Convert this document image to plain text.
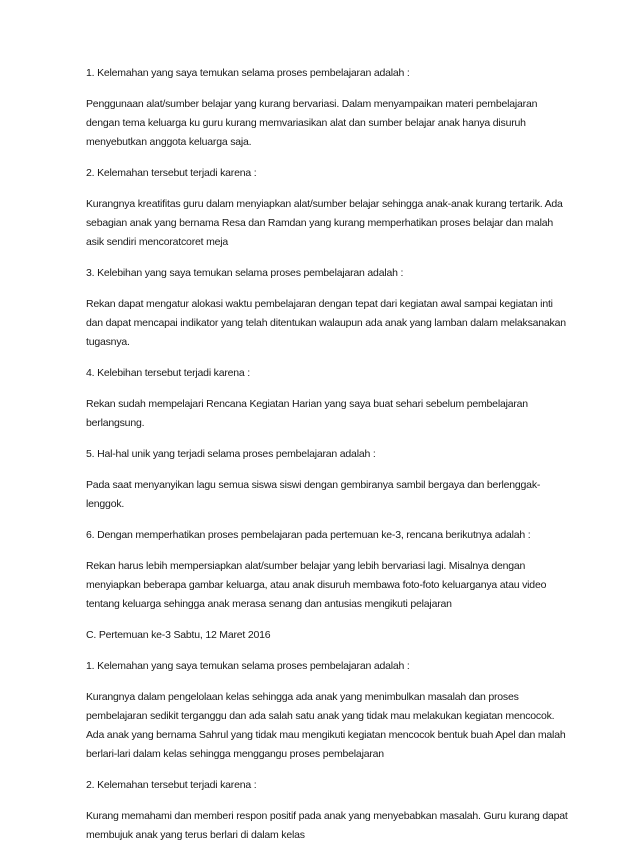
1. Kelemahan yang saya temukan selama proses pembelajaran adalah :

Penggunaan alat/sumber belajar yang kurang bervariasi. Dalam menyampaikan materi pembelajaran dengan tema keluarga ku guru kurang memvariasikan alat dan sumber belajar anak hanya disuruh menyebutkan anggota keluarga saja.

2. Kelemahan tersebut terjadi karena :

Kurangnya kreatifitas guru dalam menyiapkan alat/sumber belajar sehingga anak-anak kurang tertarik. Ada sebagian anak yang bernama Resa dan Ramdan yang kurang memperhatikan proses belajar dan malah asik sendiri mencoratcoret meja

3. Kelebihan yang saya temukan selama proses pembelajaran adalah :

Rekan dapat mengatur alokasi waktu pembelajaran dengan tepat dari kegiatan awal sampai kegiatan inti dan dapat mencapai indikator yang telah ditentukan walaupun ada anak yang lamban dalam melaksanakan tugasnya.

4. Kelebihan tersebut terjadi karena :

Rekan sudah mempelajari Rencana Kegiatan Harian yang saya buat sehari sebelum pembelajaran berlangsung.

5. Hal-hal unik yang terjadi selama proses pembelajaran adalah :

Pada saat menyanyikan lagu semua siswa siswi dengan gembiranya sambil bergaya dan berlenggak-lenggok.

6. Dengan memperhatikan proses pembelajaran pada pertemuan ke-3, rencana berikutnya adalah :

Rekan harus lebih mempersiapkan alat/sumber belajar yang lebih bervariasi lagi. Misalnya dengan menyiapkan beberapa gambar keluarga, atau anak disuruh membawa foto-foto keluarganya atau video tentang keluarga sehingga anak merasa senang dan antusias mengikuti pelajaran

C. Pertemuan ke-3 Sabtu, 12 Maret 2016

1. Kelemahan yang saya temukan selama proses pembelajaran adalah :

Kurangnya dalam pengelolaan kelas sehingga ada anak yang menimbulkan masalah dan proses pembelajaran sedikit terganggu dan ada salah satu anak yang tidak mau melakukan kegiatan mencocok. Ada anak yang bernama Sahrul yang tidak mau mengikuti kegiatan mencocok bentuk buah Apel dan malah berlari-lari dalam kelas sehingga menggangu proses pembelajaran

2. Kelemahan tersebut terjadi karena :

Kurang memahami dan memberi respon positif pada anak yang menyebabkan masalah. Guru kurang dapat membujuk anak yang terus berlari di dalam kelas
